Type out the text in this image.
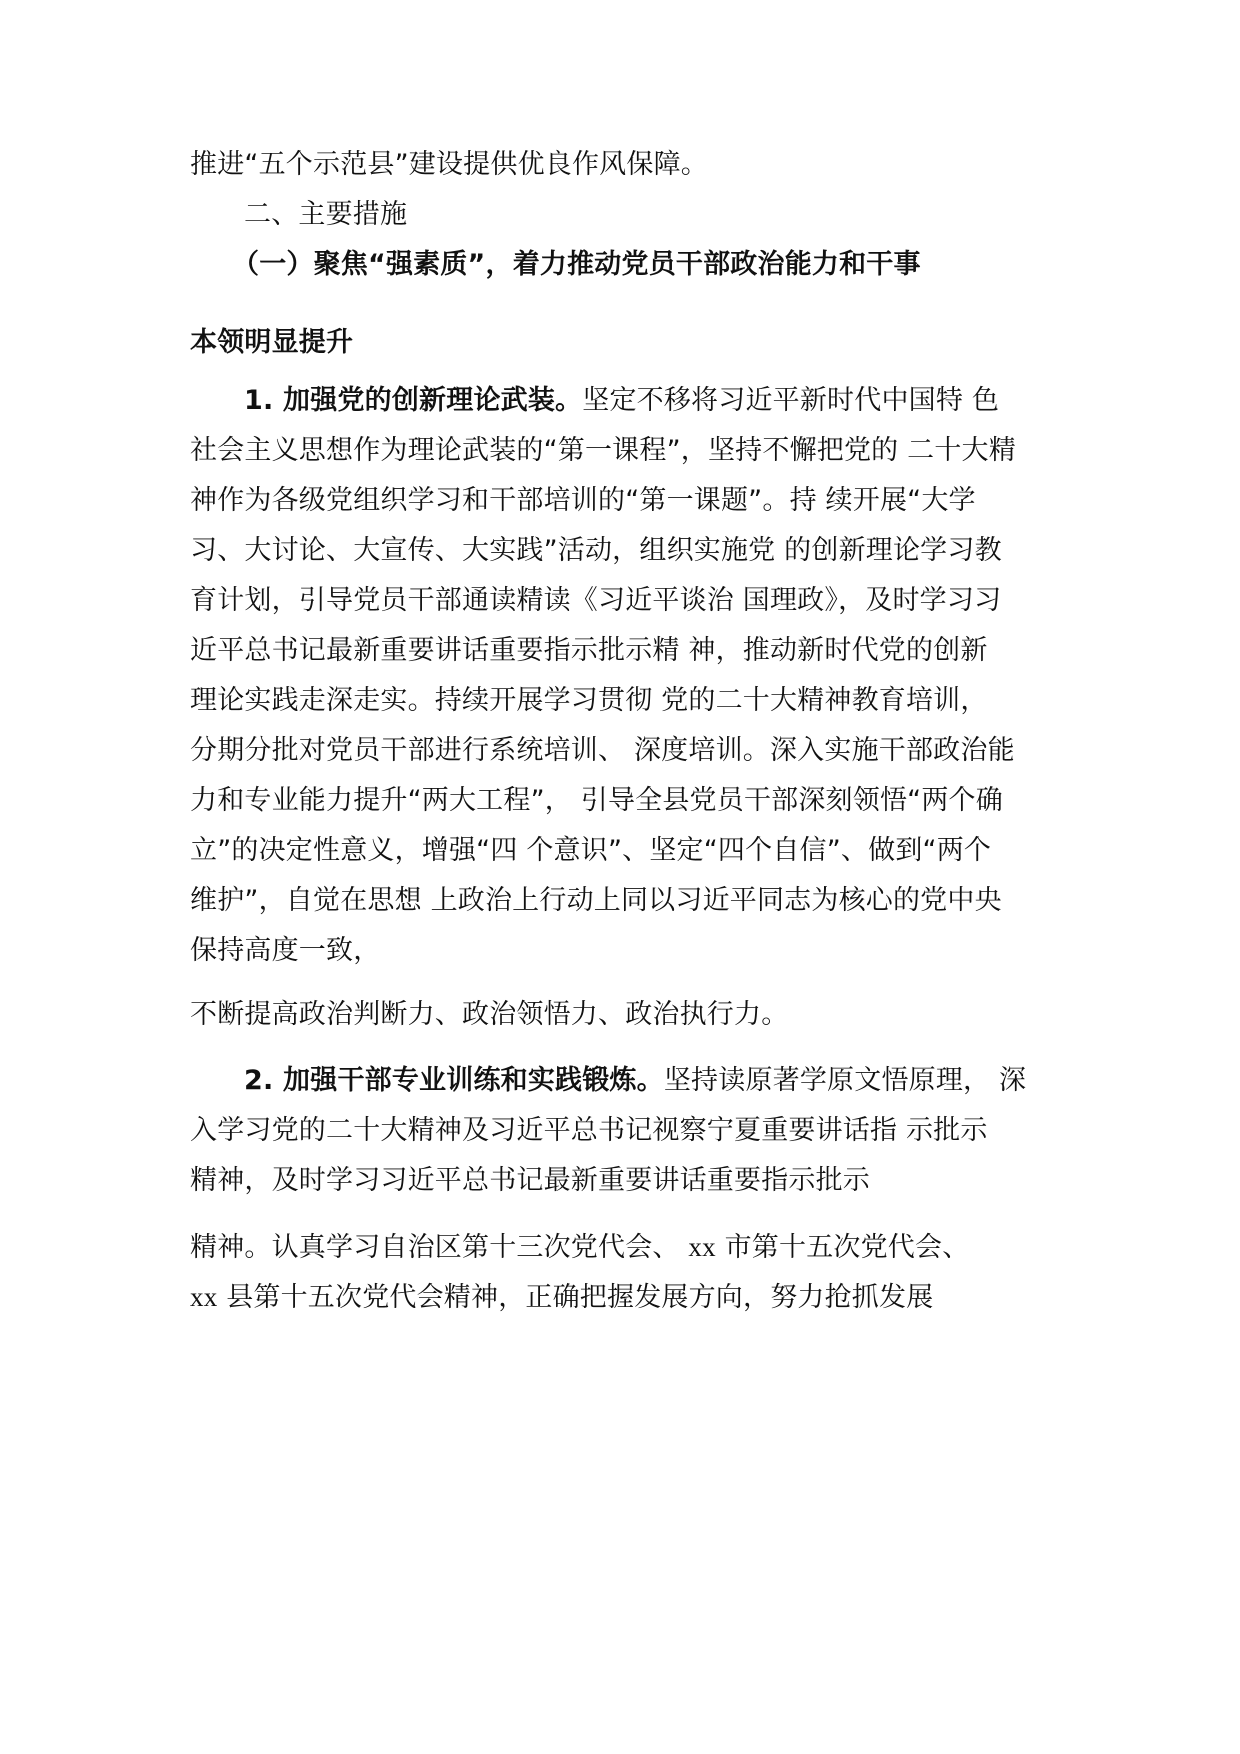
推进“五个示范县”建设提供优良作风保障。
二、主要措施
（一）聚焦“强素质”，着力推动党员干部政治能力和干事
本领明显提升
1. 加强党的创新理论武装。坚定不移将习近平新时代中国特 色
社会主义思想作为理论武装的“第一课程”，坚持不懈把党的 二十大精
神作为各级党组织学习和干部培训的“第一课题”。持 续开展“大学
习、大讨论、大宣传、大实践”活动，组织实施党 的创新理论学习教
育计划，引导党员干部通读精读《习近平谈治 国理政》，及时学习习
近平总书记最新重要讲话重要指示批示精 神，推动新时代党的创新
理论实践走深走实。持续开展学习贯彻 党的二十大精神教育培训，
分期分批对党员干部进行系统培训、 深度培训。深入实施干部政治能
力和专业能力提升“两大工程”， 引导全县党员干部深刻领悟“两个确
立”的决定性意义，增强“四 个意识”、坚定“四个自信”、做到“两个
维护”，自觉在思想 上政治上行动上同以习近平同志为核心的党中央
保持高度一致，
不断提高政治判断力、政治领悟力、政治执行力。
2. 加强干部专业训练和实践锻炼。坚持读原著学原文悟原理， 深
入学习党的二十大精神及习近平总书记视察宁夏重要讲话指 示批示
精神，及时学习习近平总书记最新重要讲话重要指示批示
精神。认真学习自治区第十三次党代会、 xx 市第十五次党代会、
xx 县第十五次党代会精神，正确把握发展方向，努力抢抓发展
